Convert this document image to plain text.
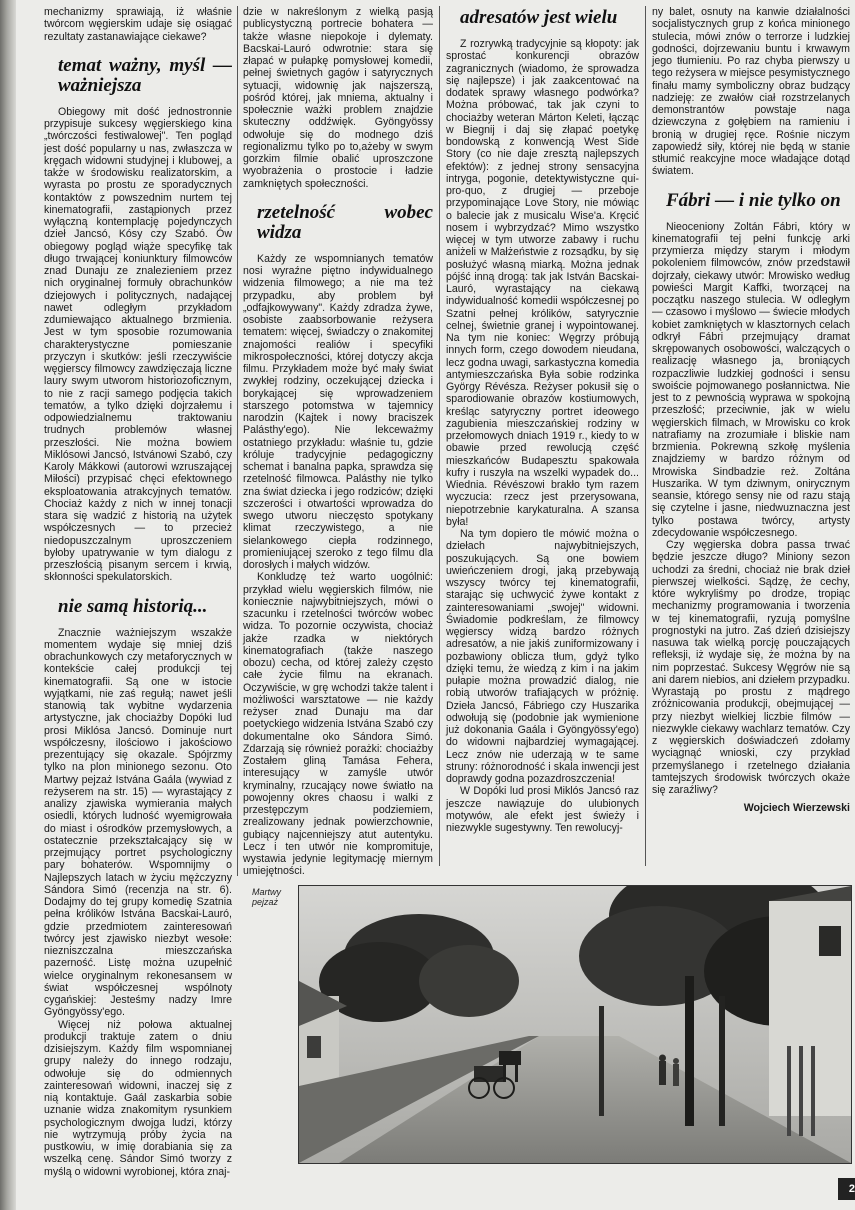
mechanizmy sprawiają, iż właśnie twórcom węgierskim udaje się osiągać rezultaty zastanawiające ciekawe?

temat ważny, myśl — ważniejsza

Obiegowy mit dość jednostronnie przypisuje sukcesy węgierskiego kina „twórczości festiwalowej". Ten pogląd jest dość popularny u nas, zwłaszcza w kręgach widowni studyjnej i klubowej, a także w środowisku realizatorskim, a wyrasta po prostu ze sporadycznych kontaktów z powszednim nurtem tej kinematografii, zastąpionych przez wyłączną kontemplację pojedynczych dzieł Jancsó, Kósy czy Szabó. Ów obiegowy pogląd wiąże specyfikę tak długo trwającej koniunktury filmowców znad Dunaju ze znalezieniem przez nich oryginalnej formuły obrachunków dziejowych i politycznych, nadającej nawet odległym przykładom zdumiewająco aktualnego brzmienia. Jest w tym sposobie rozumowania charakterystyczne pomieszanie przyczyn i skutków: jeśli rzeczywiście węgierscy filmowcy zawdzięczają liczne laury swym utworom historiozoficznym, to nie z racji samego podjęcia takich tematów, a tylko dzięki dojrzałemu i odpowiedzialnemu traktowaniu trudnych problemów własnej przeszłości. Nie można bowiem Miklósowi Jancsó, Istvánowi Szabó, czy Karoly Mákkowi (autorowi wzruszającej Miłości) przypisać chęci efektownego eksploatowania atrakcyjnych tematów. Chociaż każdy z nich w innej tonacji stara się wadzić z historią na użytek współczesnych — to przecież niedopuszczalnym uproszczeniem byłoby upatrywanie w tym dialogu z przeszłością pisanym sercem i krwią, skłonności spekulatorskich.

nie samą historią...

Znacznie ważniejszym wszakże momentem wydaje się mniej dziś obrachunkowych czy metaforycznych w kontekście całej produkcji tej kinematografii. Są one w istocie wyjątkami, nie zaś regułą; nawet jeśli stanowią tak wybitne wydarzenia artystyczne, jak chociażby Dopóki lud prosi Miklósa Jancsó. Dominuje nurt współczesny, ilościowo i jakościowo prezentujący się okazale. Spójrzmy tylko na plon minionego sezonu. Oto Martwy pejzaż Istvána Gaála (wywiad z reżyserem na str. 15) — wyrastający z analizy zjawiska wymierania małych osiedli, których ludność wyemigrowała do miast i ośrodków przemysłowych, a ostatecznie przekształcający się w przejmujący portret psychologiczny pary bohaterów. Wspomnijmy o Najlepszych latach w życiu mężczyzny Sándora Simó (recenzja na str. 6). Dodajmy do tej grupy komedię Szatnia pełna królików Istvána Bacskai-Lauró, gdzie przedmiotem zainteresowań twórcy jest zjawisko niezbyt wesołe: niezniszczalna mieszczańska pazerność. Listę można uzupełnić wielce oryginalnym rekonesansem w świat współczesnej wspólnoty cygańskiej: Jesteśmy nadzy Imre Gyöngyössy'ego.

Więcej niż połowa aktualnej produkcji traktuje zatem o dniu dzisiejszym. Każdy film wspomnianej grupy należy do innego rodzaju, odwołuje się do odmiennych zainteresowań widowni, inaczej się z nią kontaktuje. Gaál zaskarbia sobie uznanie widza znakomitym rysunkiem psychologicznym dwojga ludzi, którzy nie wytrzymują próby życia na pustkowiu, w imię dorabiania się za wszelką cenę. Sándor Simó tworzy z myślą o widowni wyrobionej, która znaj-

dzie w nakreślonym z wielką pasją publicystyczną portrecie bohatera — także własne niepokoje i dylematy. Bacskai-Lauró odwrotnie: stara się złapać w pułapkę pomysłowej komedii, pełnej świetnych gagów i satyrycznych sytuacji, widownię jak najszerszą, pośród której, jak mniema, aktualny i społecznie ważki problem znajdzie skuteczny oddźwięk. Gyöngyössy odwołuje się do modnego dziś regionalizmu tylko po to,ażeby w swym gorzkim filmie obalić uproszczone wyobrażenia o prostocie i ładzie zamkniętych społeczności.

rzetelność wobec widza

Każdy ze wspomnianych tematów nosi wyraźne piętno indywidualnego widzenia filmowego; a nie ma też przypadku, aby problem był „odfajkowywany". Każdy zdradza żywe, osobiste zaabsorbowanie reżysera tematem: więcej, świadczy o znakomitej znajomości realiów i specyfiki mikrospołeczności, której dotyczy akcja filmu. Przykładem może być mały świat zwykłej rodziny, oczekującej dziecka i borykającej się wprowadzeniem starszego potomstwa w tajemnicy narodzin (Kajtek i nowy braciszek Palásthy'ego). Nie lekceważmy ostatniego przykładu: właśnie tu, gdzie króluje tradycyjnie pedagogiczny schemat i banalna papka, sprawdza się rzetelność filmowca. Palásthy nie tylko zna świat dziecka i jego rodziców; dzięki szczerości i otwartości wprowadza do swego utworu nieczęsto spotykany klimat rzeczywistego, a nie sielankowego ciepła rodzinnego, promieniującej szeroko z tego filmu dla dorosłych i małych widzów.

Konkludzę też warto uogólnić: przykład wielu węgierskich filmów, nie koniecznie najwybitniejszych, mówi o szacunku i rzetelności twórców wobec widza. To pozornie oczywista, chociaż jakże rzadka w niektórych kinematografiach (także naszego obozu) cecha, od której zależy często całe życie filmu na ekranach. Oczywiście, w grę wchodzi także talent i możliwości warsztatowe — nie każdy reżyser znad Dunaju ma dar poetyckiego widzenia Istvána Szabó czy dokumentalne oko Sándora Simó. Zdarzają się również porażki: chociażby Zostałem gliną Tamása Fehera, interesujący w zamyśle utwór kryminalny, rzucający nowe światło na powojenny okres chaosu i walki z przestępczym podziemiem, zrealizowany jednak powierzchownie, gubiący najcenniejszy atut autentyku. Lecz i ten utwór nie kompromituje, wystawia jedynie legitymację miernym umiejętności.

adresatów jest wielu

Z rozrywką tradycyjnie są kłopoty: jak sprostać konkurencji obrazów zagranicznych (wiadomo, że sprowadza się najlepsze) i jak zaakcentować na dodatek sprawy własnego podwórka? Można próbować, tak jak czyni to chociażby weteran Márton Keleti, łącząc w Biegnij i daj się złapać poetykę bondowską z konwencją West Side Story (co nie daje zresztą najlepszych efektów): z jednej strony sensacyjna intryga, pogonie, detektywistyczne qui-pro-quo, z drugiej — przeboje przypominające Love Story, nie mówiąc o balecie jak z musicalu Wise'a. Kręcić nosem i wybrzydzać? Mimo wszystko więcej w tym utworze zabawy i ruchu aniżeli w Małżeństwie z rozsądku, by się posłużyć własną miarką. Można jednak pójść inną drogą: tak jak István Bacskai-Lauró, wyrastający na ciekawą indywidualność komedii współczesnej po Szatni pełnej królików, satyrycznie celnej, świetnie granej i wypointowanej. Na tym nie koniec: Węgrzy próbują innych form, czego dowodem nieudana, lecz godna uwagi, sarkastyczna komedia antymieszczańska Była sobie rodzinka György Révésza. Reżyser pokusił się o sparodiowanie obrazów kostiumowych, kreśląc satyryczny portret ideowego zagubienia mieszczańskiej rodziny w przełomowych dniach 1919 r., kiedy to w obawie przed rewolucją część mieszkańców Budapesztu spakowała kufry i ruszyła na wszelki wypadek do... Wiednia. Révészowi brakło tym razem wyczucia: rzecz jest przerysowana, niepotrzebnie karykaturalna. A szansa była!

Na tym dopiero tle mówić można o dziełach najwybitniejszych, poszukujących. Są one bowiem uwieńczeniem drogi, jaką przebywają wszyscy twórcy tej kinematografii, starając się uchwycić żywe kontakt z zainteresowaniami „swojej" widowni. Świadomie podkreślam, że filmowcy węgierscy widzą bardzo różnych adresatów, a nie jakiś zuniformizowany i pozbawiony oblicza tłum, gdyż tylko dzięki temu, że wiedzą z kim i na jakim pułapie można prowadzić dialog, nie robią utworów trafiających w próżnię. Dzieła Jancsó, Fábriego czy Huszarika odwołują się (podobnie jak wymienione już dokonania Gaála i Gyöngyössy'ego) do widowni najbardziej wymagającej. Lecz znów nie uderzają w te same struny: różnorodność i skala inwencji jest doprawdy godna pozazdroszczenia!

W Dopóki lud prosi Miklós Jancsó raz jeszcze nawiązuje do ulubionych motywów, ale efekt jest świeży i niezwykle sugestywny. Ten rewolucyj-

ny balet, osnuty na kanwie działalności socjalistycznych grup z końca minionego stulecia, mówi znów o terrorze i ludzkiej godności, dojrzewaniu buntu i krwawym jego tłumieniu. Po raz chyba pierwszy u tego reżysera w miejsce pesymistycznego finału mamy symboliczny obraz budzący nadzieję: ze zwałów ciał rozstrzelanych demonstrantów powstaje naga dziewczyna z gołębiem na ramieniu i bronią w drugiej ręce. Rośnie niczym zapowiedź siły, której nie będą w stanie stłumić reakcyjne moce władające dotąd światem.

Fábri — i nie tylko on

Nieoceniony Zoltán Fábri, który w kinematografii tej pełni funkcję arki przymierza między starym i młodym pokoleniem filmowców, znów przedstawił dojrzały, ciekawy utwór: Mrowisko według powieści Margit Kaffki, tworzącej na początku naszego stulecia. W odległym — czasowo i myślowo — świecie młodych kobiet zamkniętych w klasztornych celach odkrył Fábri przejmujący dramat skrępowanych osobowości, walczących o realizację własnego ja, broniących rozpaczliwie ludzkiej godności i sensu swoiście pojmowanego posłannictwa. Nie jest to z pewnością wyprawa w spokojną przeszłość; przeciwnie, jak w wielu węgierskich filmach, w Mrowisku co krok natrafiamy na zrozumiałe i bliskie nam brzmienia. Pokrewną szkołę myślenia znajdziemy w bardzo różnym od Mrowiska Sindbadzie reż. Zoltána Huszarika. W tym dziwnym, onirycznym seansie, którego sensy nie od razu stają się czytelne i jasne, niedwuznaczna jest tylko postawa twórcy, artysty zdecydowanie współczesnego.

Czy węgierska dobra passa trwać będzie jeszcze długo? Miniony sezon uchodzi za średni, chociaż nie brak dzieł pierwszej wielkości. Sądzę, że cechy, które wykryliśmy po drodze, tropiąc mechanizmy programowania i tworzenia w tej kinematografii, ryzują pomyślne prognostyki na jutro. Zaś dzień dzisiejszy nasuwa tak wielką porcję pouczających refleksji, iż wydaje się, że można by na nim poprzestać. Sukcesy Węgrów nie są ani darem niebios, ani dziełem przypadku. Wyrastają po prostu z mądrego zróżnicowania produkcji, obejmującej — przy niezbyt wielkiej liczbie filmów — niezwykle ciekawy wachlarz tematów. Czy z węgierskich doświadczeń zdołamy wyciągnąć wnioski, czy przykład przemyślanego i rzetelnego działania tamtejszych środowisk twórczych okaże się zaraźliwy?

Wojciech Wierzewski

Martwy pejzaż
2
